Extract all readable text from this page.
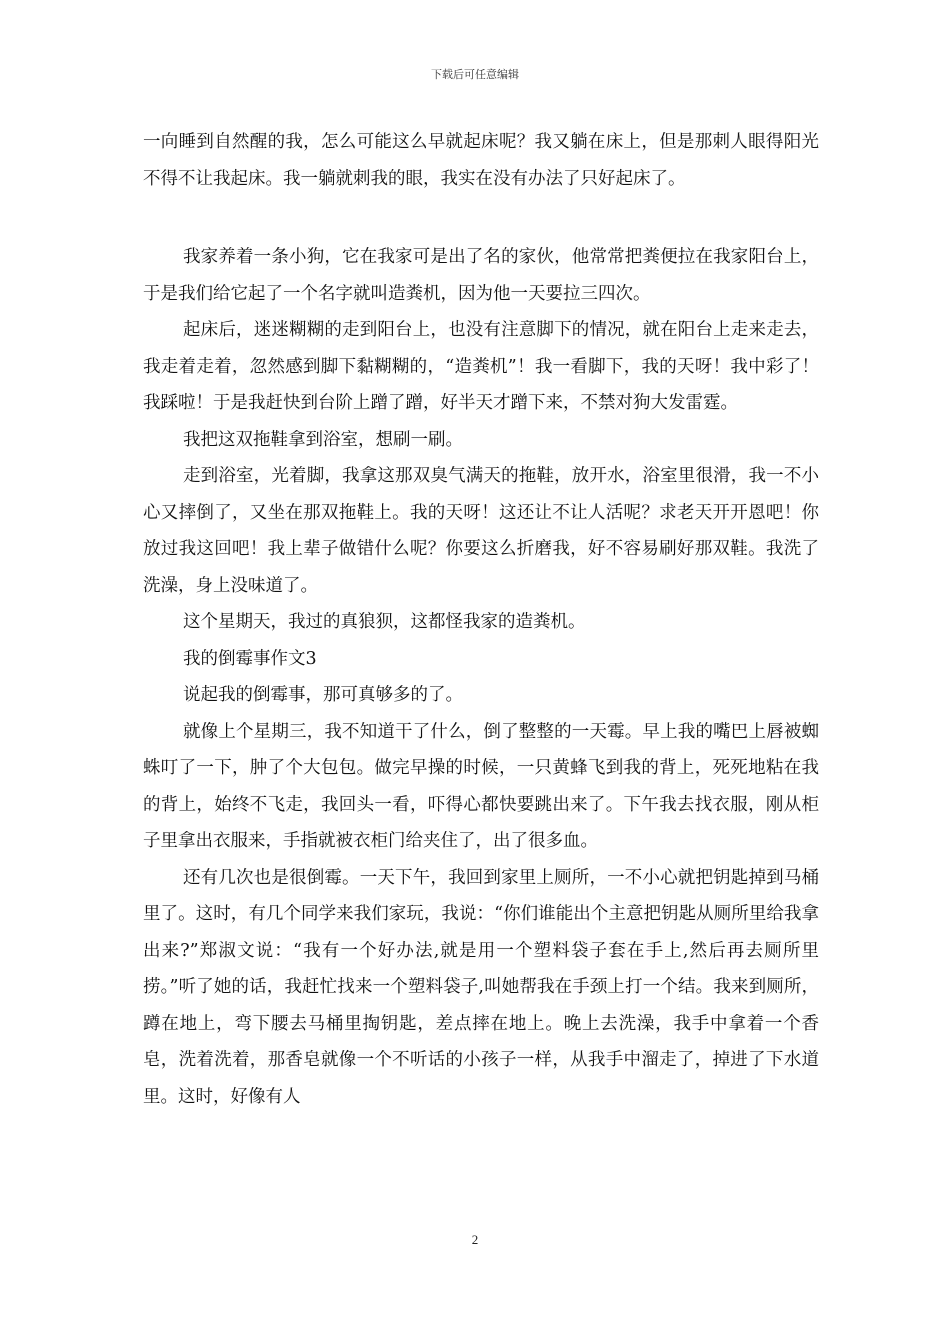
下载后可任意编辑

一向睡到自然醒的我，怎么可能这么早就起床呢？我又躺在床上，但是那刺人眼得阳光不得不让我起床。我一躺就刺我的眼，我实在没有办法了只好起床了。

我家养着一条小狗，它在我家可是出了名的家伙，他常常把粪便拉在我家阳台上，于是我们给它起了一个名字就叫造粪机，因为他一天要拉三四次。

起床后，迷迷糊糊的走到阳台上，也没有注意脚下的情况，就在阳台上走来走去，我走着走着，忽然感到脚下黏糊糊的，“造粪机”！我一看脚下，我的天呀！我中彩了！我踩啦！于是我赶快到台阶上蹭了蹭，好半天才蹭下来，不禁对狗大发雷霆。

我把这双拖鞋拿到浴室，想刷一刷。

走到浴室，光着脚，我拿这那双臭气满天的拖鞋，放开水，浴室里很滑，我一不小心又摔倒了，又坐在那双拖鞋上。我的天呀！这还让不让人活呢？求老天开开恩吧！你放过我这回吧！我上辈子做错什么呢？你要这么折磨我，好不容易刷好那双鞋。我洗了洗澡，身上没味道了。

这个星期天，我过的真狼狈，这都怪我家的造粪机。

我的倒霉事作文3

说起我的倒霉事，那可真够多的了。

就像上个星期三，我不知道干了什么，倒了整整的一天霉。早上我的嘴巴上唇被蜘蛛叮了一下，肿了个大包包。做完早操的时候，一只黄蜂飞到我的背上，死死地粘在我的背上，始终不飞走，我回头一看，吓得心都快要跳出来了。下午我去找衣服，刚从柜子里拿出衣服来，手指就被衣柜门给夹住了，出了很多血。

还有几次也是很倒霉。一天下午，我回到家里上厕所，一不小心就把钥匙掉到马桶里了。这时，有几个同学来我们家玩，我说：“你们谁能出个主意把钥匙从厕所里给我拿出来?”郑淑文说：“我有一个好办法,就是用一个塑料袋子套在手上,然后再去厕所里捞。”听了她的话，我赶忙找来一个塑料袋子,叫她帮我在手颈上打一个结。我来到厕所，蹲在地上，弯下腰去马桶里掏钥匙，差点摔在地上。晚上去洗澡，我手中拿着一个香皂，洗着洗着，那香皂就像一个不听话的小孩子一样，从我手中溜走了，掉进了下水道里。这时，好像有人

2
